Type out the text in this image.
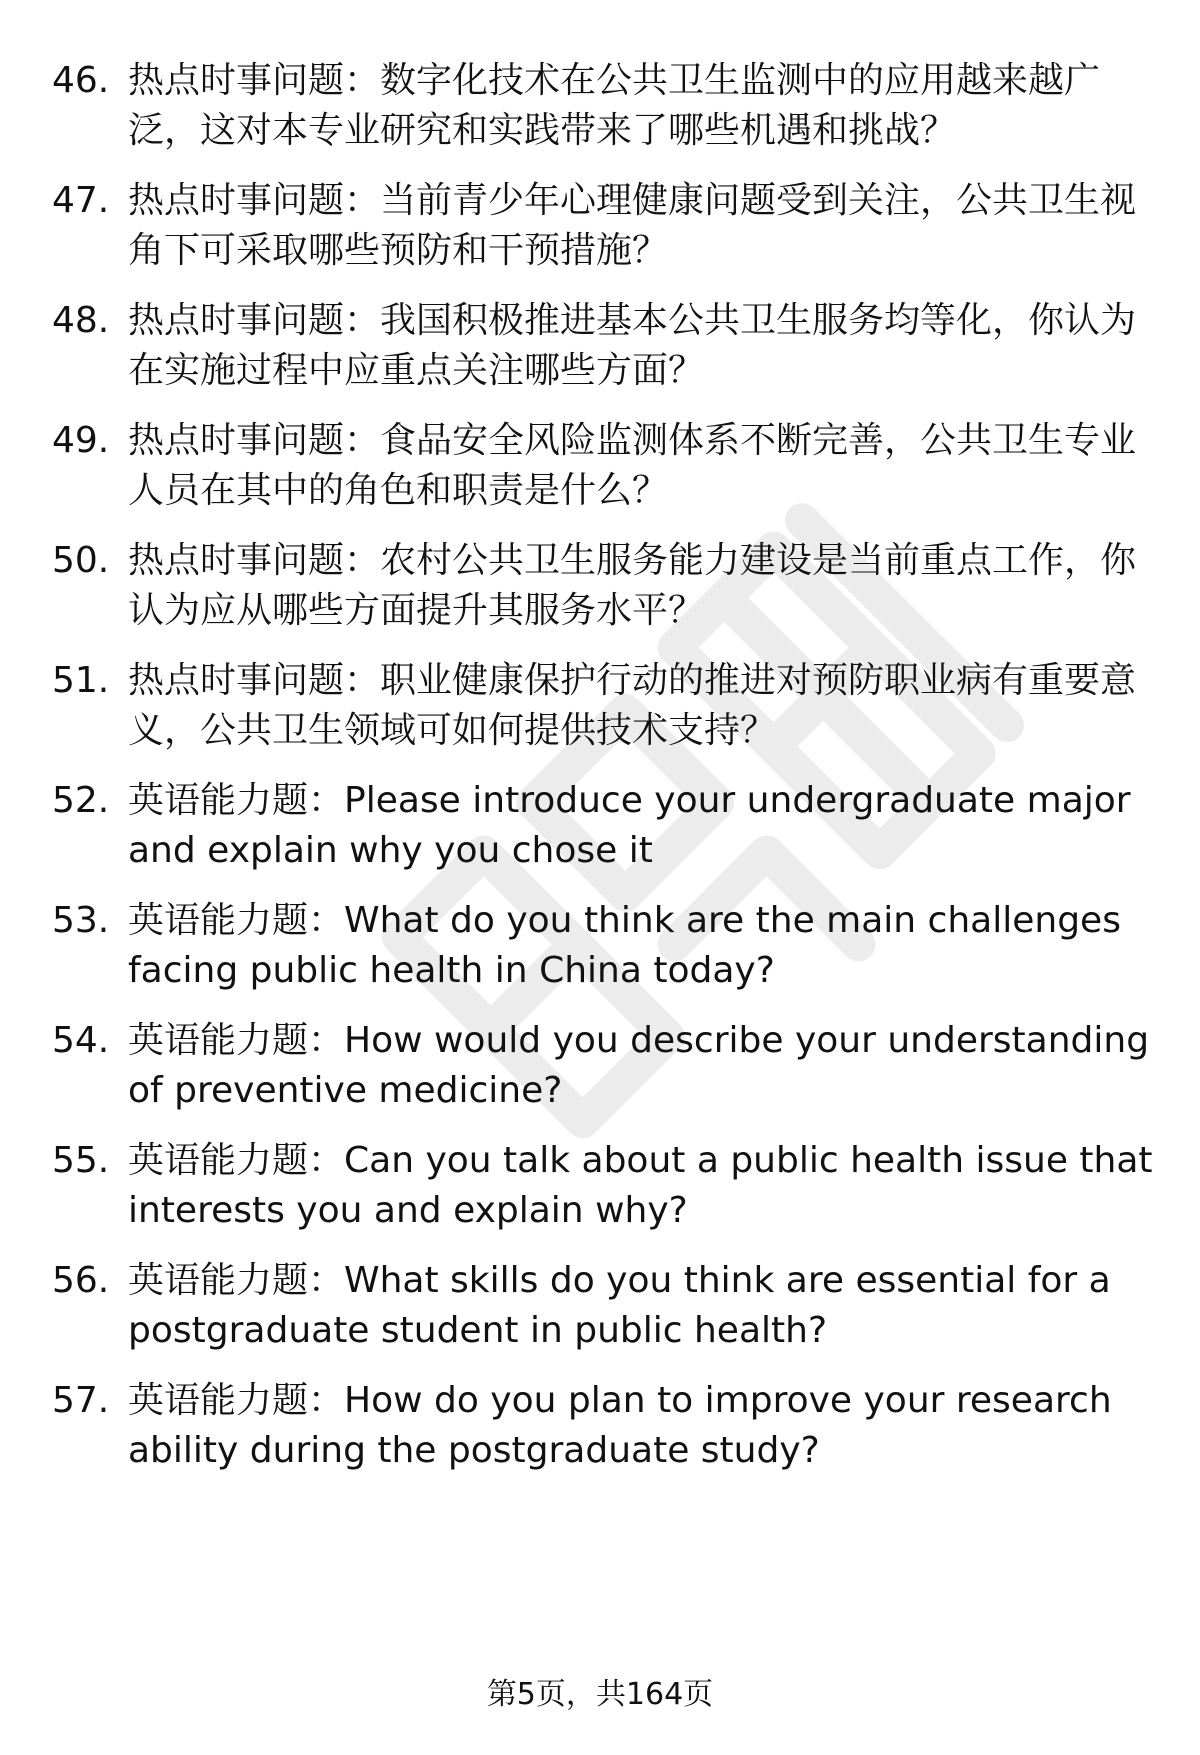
46. 热点时事问题：数字化技术在公共卫生监测中的应用越来越广
泛，这对本专业研究和实践带来了哪些机遇和挑战？
47. 热点时事问题：当前青少年心理健康问题受到关注，公共卫生视
角下可采取哪些预防和干预措施？
48. 热点时事问题：我国积极推进基本公共卫生服务均等化，你认为
在实施过程中应重点关注哪些方面？
49. 热点时事问题：食品安全风险监测体系不断完善，公共卫生专业
人员在其中的角色和职责是什么？
50. 热点时事问题：农村公共卫生服务能力建设是当前重点工作，你
认为应从哪些方面提升其服务水平？
51. 热点时事问题：职业健康保护行动的推进对预防职业病有重要意
义，公共卫生领域可如何提供技术支持？
52. 英语能力题：Please introduce your undergraduate major
and explain why you chose it
53. 英语能力题：What do you think are the main challenges
facing public health in China today?
54. 英语能力题：How would you describe your understanding
of preventive medicine?
55. 英语能力题：Can you talk about a public health issue that
interests you and explain why?
56. 英语能力题：What skills do you think are essential for a
postgraduate student in public health?
57. 英语能力题：How do you plan to improve your research
ability during the postgraduate study?
第5页，共164页
